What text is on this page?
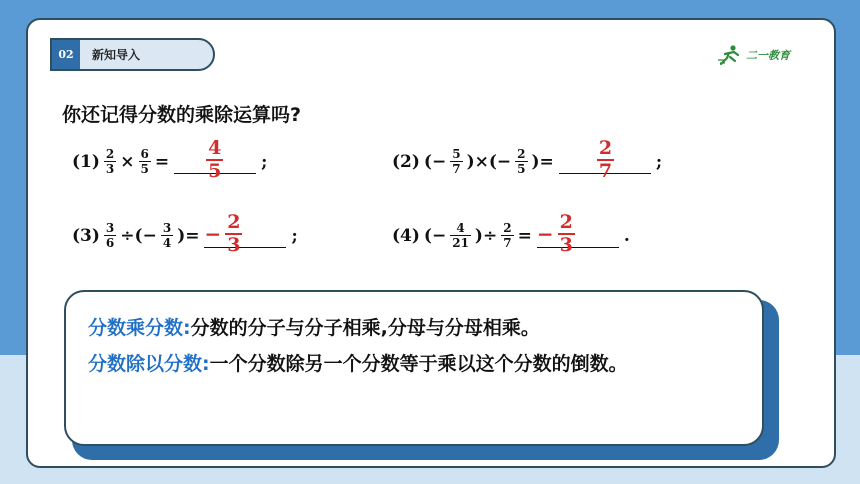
02	新知导入	二一教育
你还记得分数的乘除运算吗?
$(1) \frac{2}{3} \times \frac{6}{5} = \frac{4}{5}$ ;	(2) (− $\frac{5}{7}$ )×(− $\frac{2}{5}$ )= $\frac{2}{7}$ ;
$(3) \frac{3}{6}$ ÷(− $\frac{3}{4}$ )= − $\frac{2}{3}$	;	(4) (− $\frac{4}{21}$ )÷ $\frac{2}{7}$ = − $\frac{2}{3}$	.
分数乘分数:分数的分子与分子相乘,分母与分母相乘。
分数除以分数:一个分数除另一个分数等于乘以这个分数的倒数。
